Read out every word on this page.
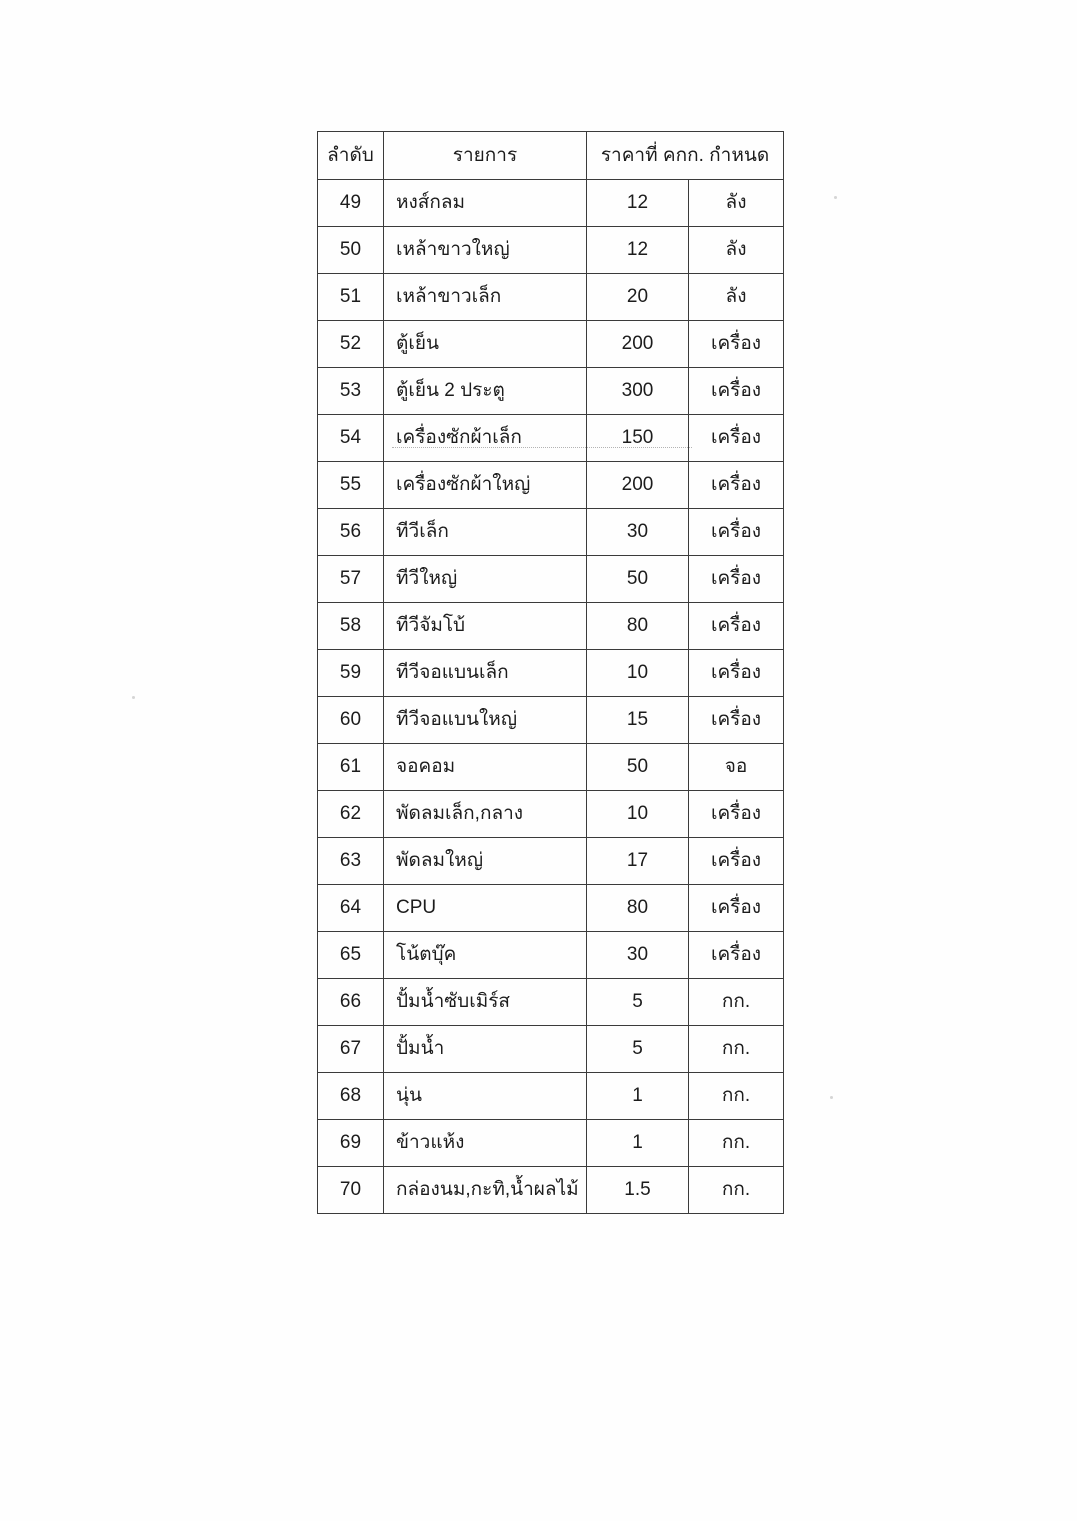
ลำดับ	รายการ	ราคาที่ คกก. กำหนด	
49	หงส์กลม	12	ลัง
50	เหล้าขาวใหญ่	12	ลัง
51	เหล้าขาวเล็ก	20	ลัง
52	ตู้เย็น	200	เครื่อง
53	ตู้เย็น 2 ประตู	300	เครื่อง
54	เครื่องซักผ้าเล็ก	150	เครื่อง
55	เครื่องซักผ้าใหญ่	200	เครื่อง
56	ทีวีเล็ก	30	เครื่อง
57	ทีวีใหญ่	50	เครื่อง
58	ทีวีจัมโบ้	80	เครื่อง
59	ทีวีจอแบนเล็ก	10	เครื่อง
60	ทีวีจอแบนใหญ่	15	เครื่อง
61	จอคอม	50	จอ
62	พัดลมเล็ก,กลาง	10	เครื่อง
63	พัดลมใหญ่	17	เครื่อง
64	CPU	80	เครื่อง
65	โน้ตบุ๊ค	30	เครื่อง
66	ปั้มน้ำซับเมิร์ส	5	กก.
67	ปั้มน้ำ	5	กก.
68	นุ่น	1	กก.
69	ข้าวแห้ง	1	กก.
70	กล่องนม,กะทิ,น้ำผลไม้	1.5	กก.
